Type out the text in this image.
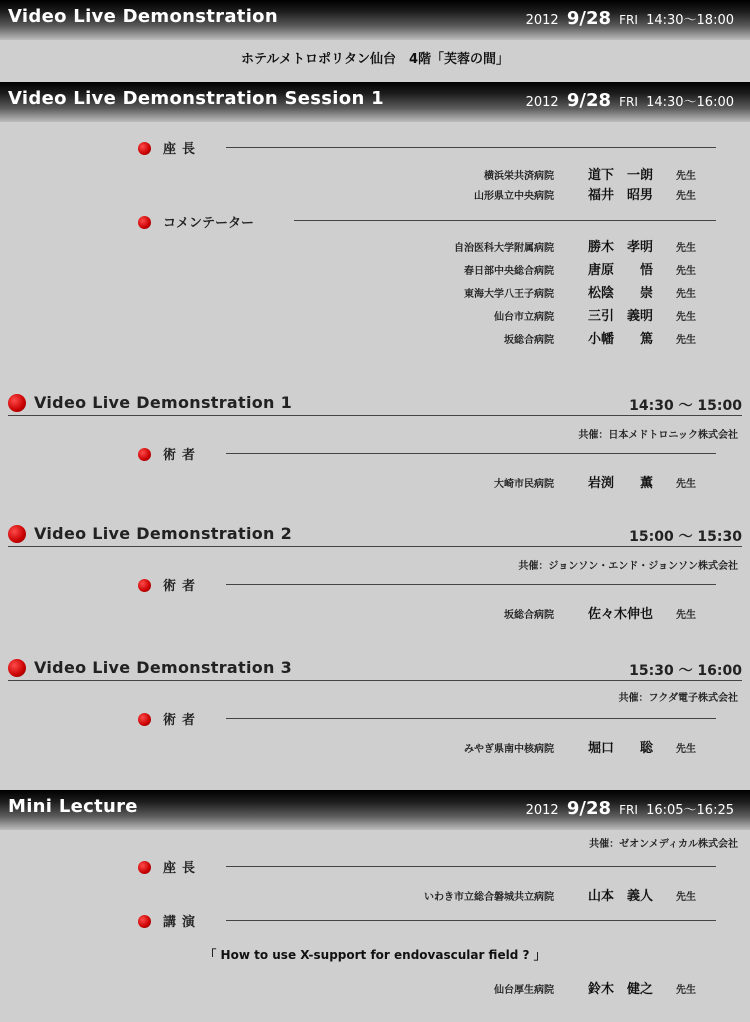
Video Live Demonstration	2012 9/28 FRI 14:30〜18:00
ホテルメトロポリタン仙台　4階「芙蓉の間」
Video Live Demonstration Session 1	2012 9/28 FRI 14:30〜16:00
座長
横浜栄共済病院	道下　一朗 先生
山形県立中央病院	福井　昭男 先生
コメンテーター
自治医科大学附属病院	勝木　孝明 先生
春日部中央総合病院	唐原　　悟 先生
東海大学八王子病院	松陰　　崇 先生
仙台市立病院	三引　義明 先生
坂総合病院	小幡　　篤 先生
Video Live Demonstration 1	14:30 〜 15:00
共催：日本メドトロニック株式会社
術者
大崎市民病院	岩渕　　薫 先生
Video Live Demonstration 2	15:00 〜 15:30
共催：ジョンソン・エンド・ジョンソン株式会社
術者
坂総合病院	佐々木伸也 先生
Video Live Demonstration 3	15:30 〜 16:00
共催：フクダ電子株式会社
術者
みやぎ県南中核病院	堀口　　聡 先生
Mini Lecture	2012 9/28 FRI 16:05〜16:25
共催：ゼオンメディカル株式会社
座長
いわき市立総合磐城共立病院	山本　義人 先生
講演
「 How to use X-support for endovascular field ? 」
仙台厚生病院	鈴木　健之 先生
